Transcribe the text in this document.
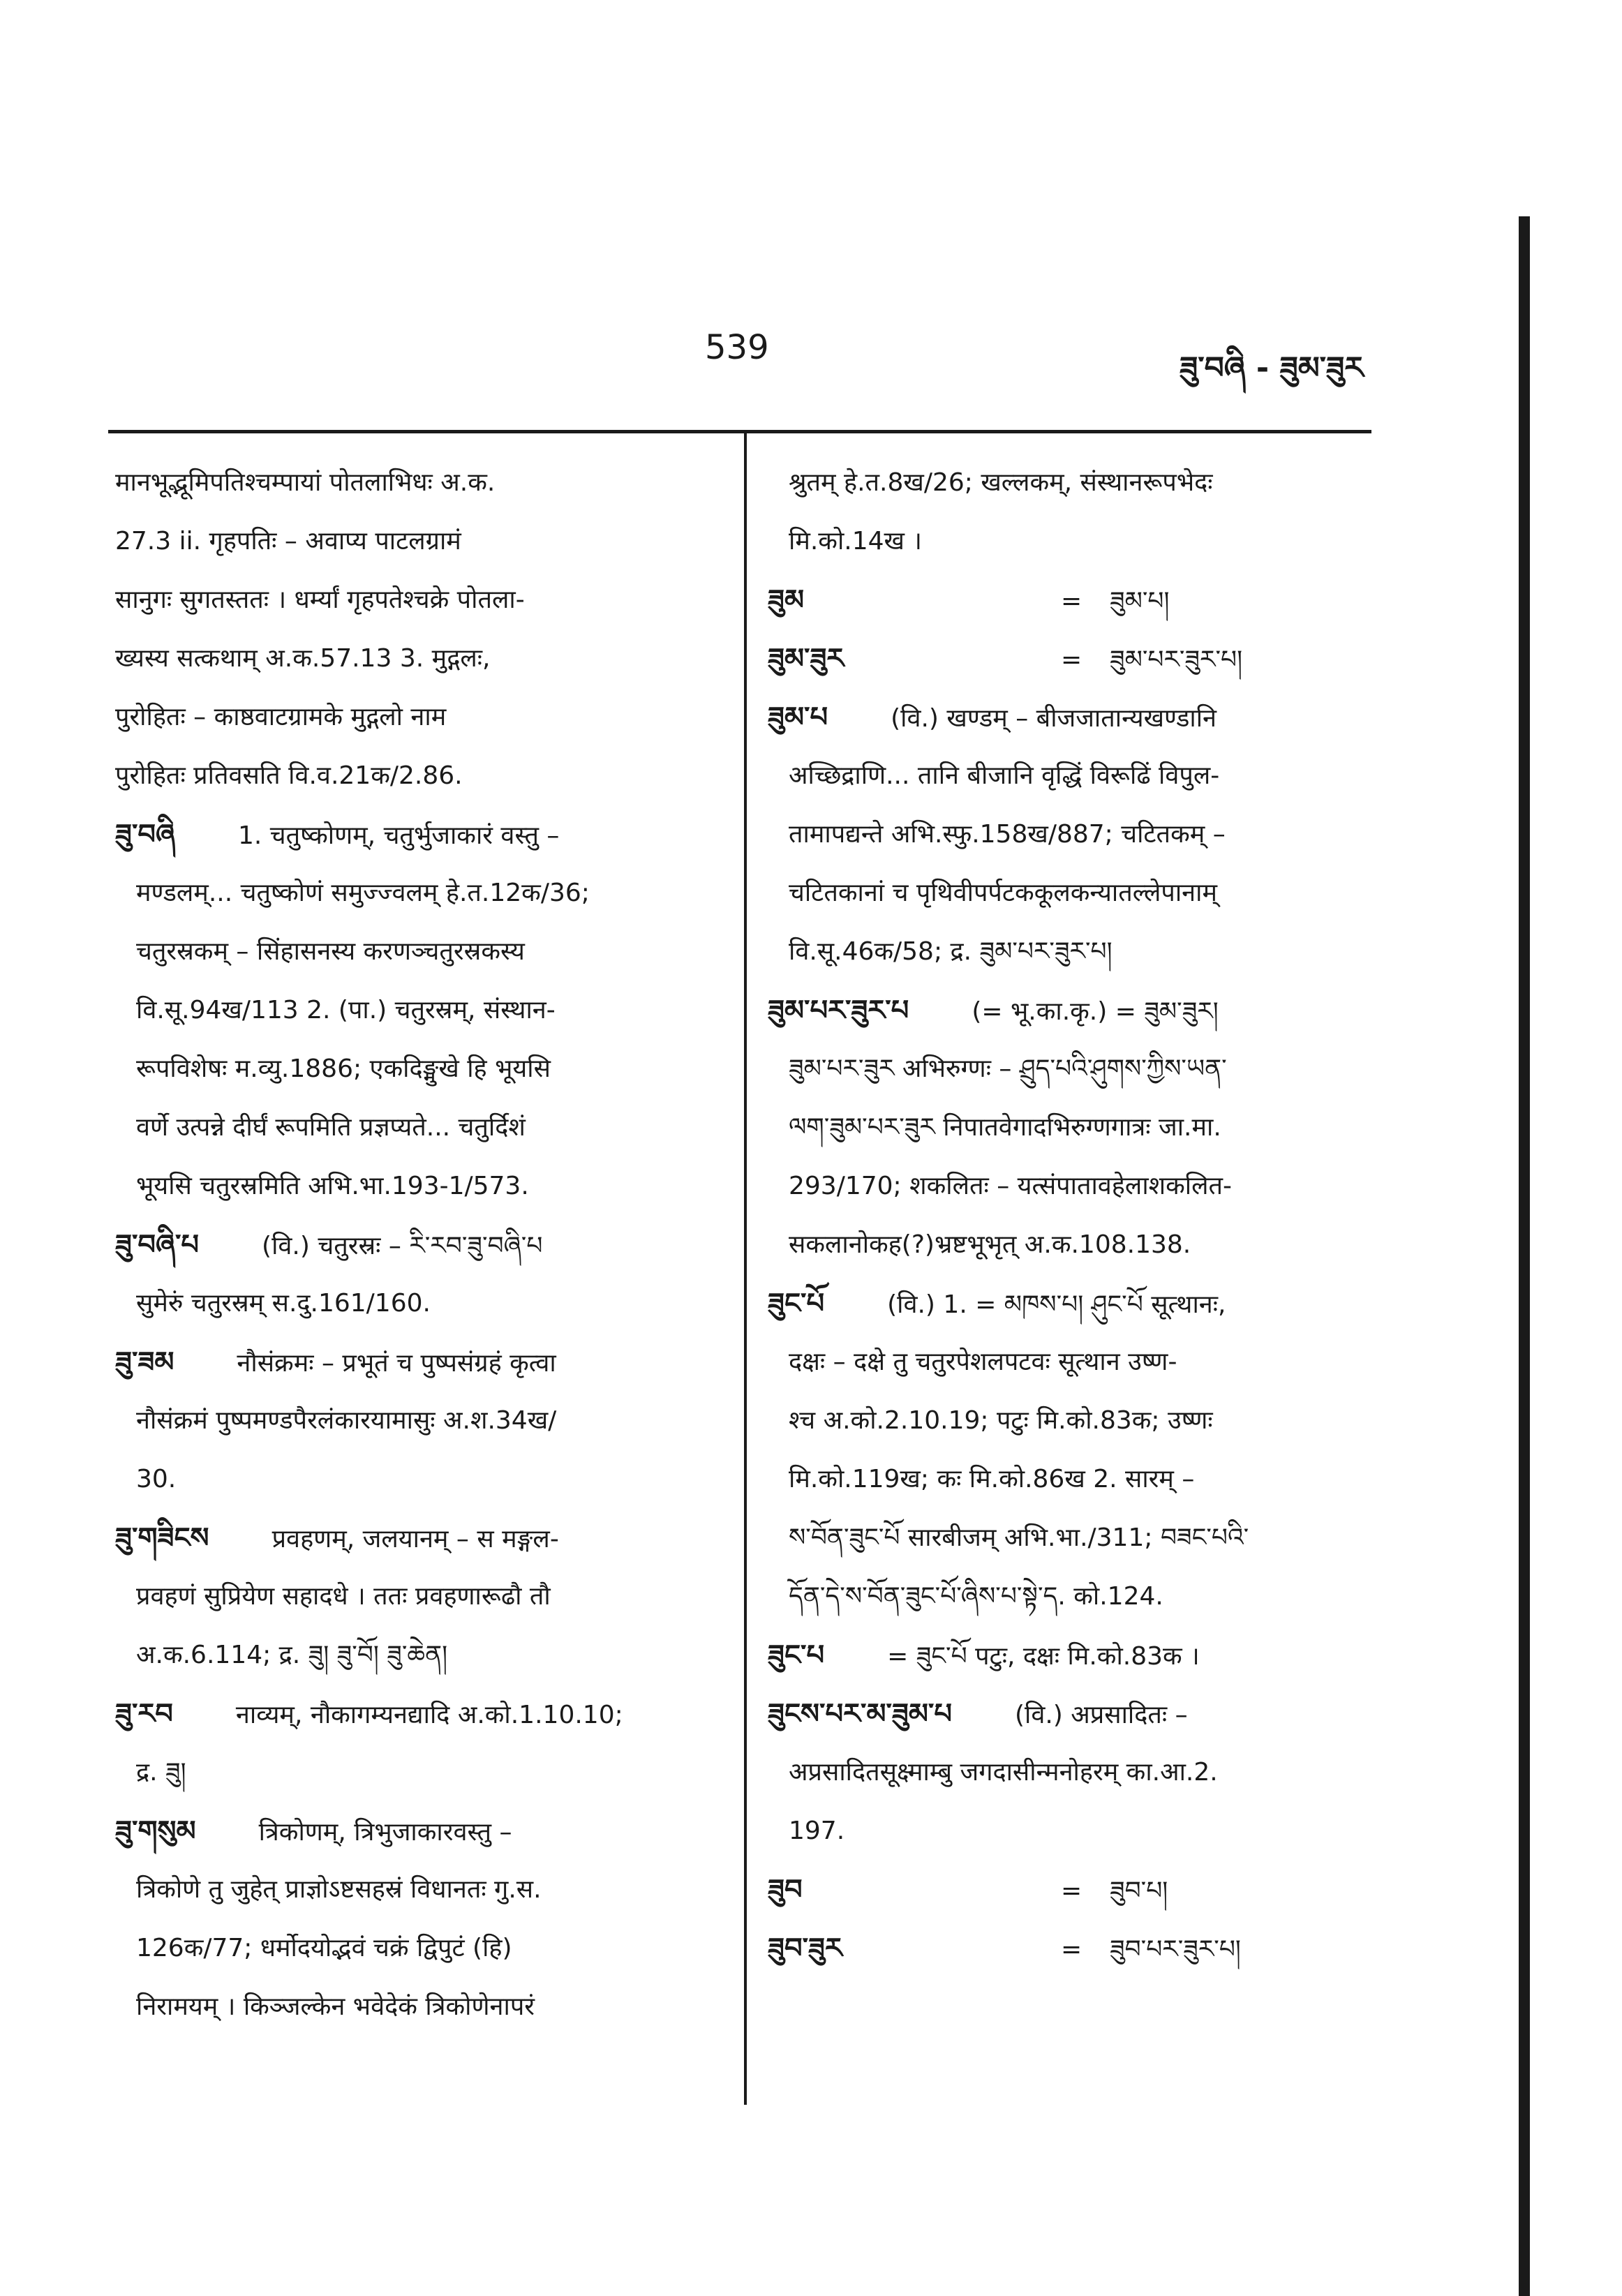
539
ཟུ་བཞི - ཟུམ་ཟུར
मानभूद्भूमिपतिश्चम्पायां पोतलाभिधः अ.क.
27.3 ii. गृहपतिः – अवाप्य पाटलग्रामं
सानुगः सुगतस्ततः । धर्म्यां गृहपतेश्चक्रे पोतला-
ख्यस्य सत्कथाम् अ.क.57.13 3. मुद्गलः,
पुरोहितः – काष्ठवाटग्रामके मुद्गलो नाम
पुरोहितः प्रतिवसति वि.व.21क/2.86.
ཟུ་བཞི	1. चतुष्कोणम्, चतुर्भुजाकारं वस्तु –
मण्डलम्... चतुष्कोणं समुज्ज्वलम् हे.त.12क/36;
चतुरस्रकम् – सिंहासनस्य करणञ्चतुरस्रकस्य
वि.सू.94ख/113 2. (पा.) चतुरस्रम्, संस्थान-
रूपविशेषः म.व्यु.1886; एकदिङ्मुखे हि भूयसि
वर्णे उत्पन्ने दीर्घं रूपमिति प्रज्ञप्यते... चतुर्दिशं
भूयसि चतुरस्रमिति अभि.भा.193-1/573.
ཟུ་བཞི་པ	(वि.) चतुरस्रः – རི་རབ་ཟུ་བཞི་པ
सुमेरुं चतुरस्रम् स.दु.161/160.
ཟུ་ཟམ	नौसंक्रमः – प्रभूतं च पुष्पसंग्रहं कृत्वा
नौसंक्रमं पुष्पमण्डपैरलंकारयामासुः अ.श.34ख/
30.
ཟུ་གཟིངས	प्रवहणम्, जलयानम् – स मङ्गल-
प्रवहणं सुप्रियेण सहादधे । ततः प्रवहणारूढौ तौ
अ.क.6.114; द्र. ཟུ། ཟུ་བོ། ཟུ་ཆེན།
ཟུ་རབ	नाव्यम्, नौकागम्यनद्यादि अ.को.1.10.10;
द्र. ཟུ།
ཟུ་གསུམ	त्रिकोणम्, त्रिभुजाकारवस्तु –
त्रिकोणे तु जुहेत् प्राज्ञोऽष्टसहस्रं विधानतः गु.स.
126क/77; धर्मोदयोद्भवं चक्रं द्विपुटं (हि)
निरामयम् । किञ्जल्केन भवेदेकं त्रिकोणेनापरं
श्रुतम् हे.त.8ख/26; खल्लकम्, संस्थानरूपभेदः
मि.को.14ख ।
ཟུམ	= ཟུམ་པ།
ཟུམ་ཟུར	= ཟུམ་པར་ཟུར་པ།
ཟུམ་པ	(वि.) खण्डम् – बीजजातान्यखण्डानि
अच्छिद्राणि... तानि बीजानि वृद्धिं विरूढिं विपुल-
तामापद्यन्ते अभि.स्फु.158ख/887; चटितकम् –
चटितकानां च पृथिवीपर्पटककूलकन्यातल्लेपानाम्
वि.सू.46क/58; द्र. ཟུམ་པར་ཟུར་པ།
ཟུམ་པར་ཟུར་པ	(= भू.का.कृ.) = ཟུམ་ཟུར།
ཟུམ་པར་ཟུར अभिरुग्णः – ཤྲུད་པའི་ཤུགས་ཀྱིས་ཡན་
ལག་ཟུམ་པར་ཟུར निपातवेगादभिरुग्णगात्रः जा.मा.
293/170; शकलितः – यत्संपातावहेलाशकलित-
सकलानोकह(?)भ्रष्टभूभृत् अ.क.108.138.
ཟུང་པོ	(वि.) 1. = མཁས་པ། ཤུང་པོ सूत्थानः,
दक्षः – दक्षे तु चतुरपेशलपटवः सूत्थान उष्ण-
श्च अ.को.2.10.19; पटुः मि.को.83क; उष्णः
मि.को.119ख; कः मि.को.86ख 2. सारम् –
ས་བོན་ཟུང་པོ सारबीजम् अभि.भा./311; བཟང་པའི་
དོན་དེ་ས་བོན་ཟུང་པོ་ཞིས་པ་སྟེ་ད. को.124.
ཟུང་པ	= ཟུང་པོ पटुः, दक्षः मि.को.83क ।
ཟུངས་པར་མ་ཟུམ་པ	(वि.) अप्रसादितः –
अप्रसादितसूक्ष्माम्बु जगदासीन्मनोहरम् का.आ.2.
197.
ཟུབ	= ཟུབ་པ།
ཟུབ་ཟུར	= ཟུབ་པར་ཟུར་པ།
